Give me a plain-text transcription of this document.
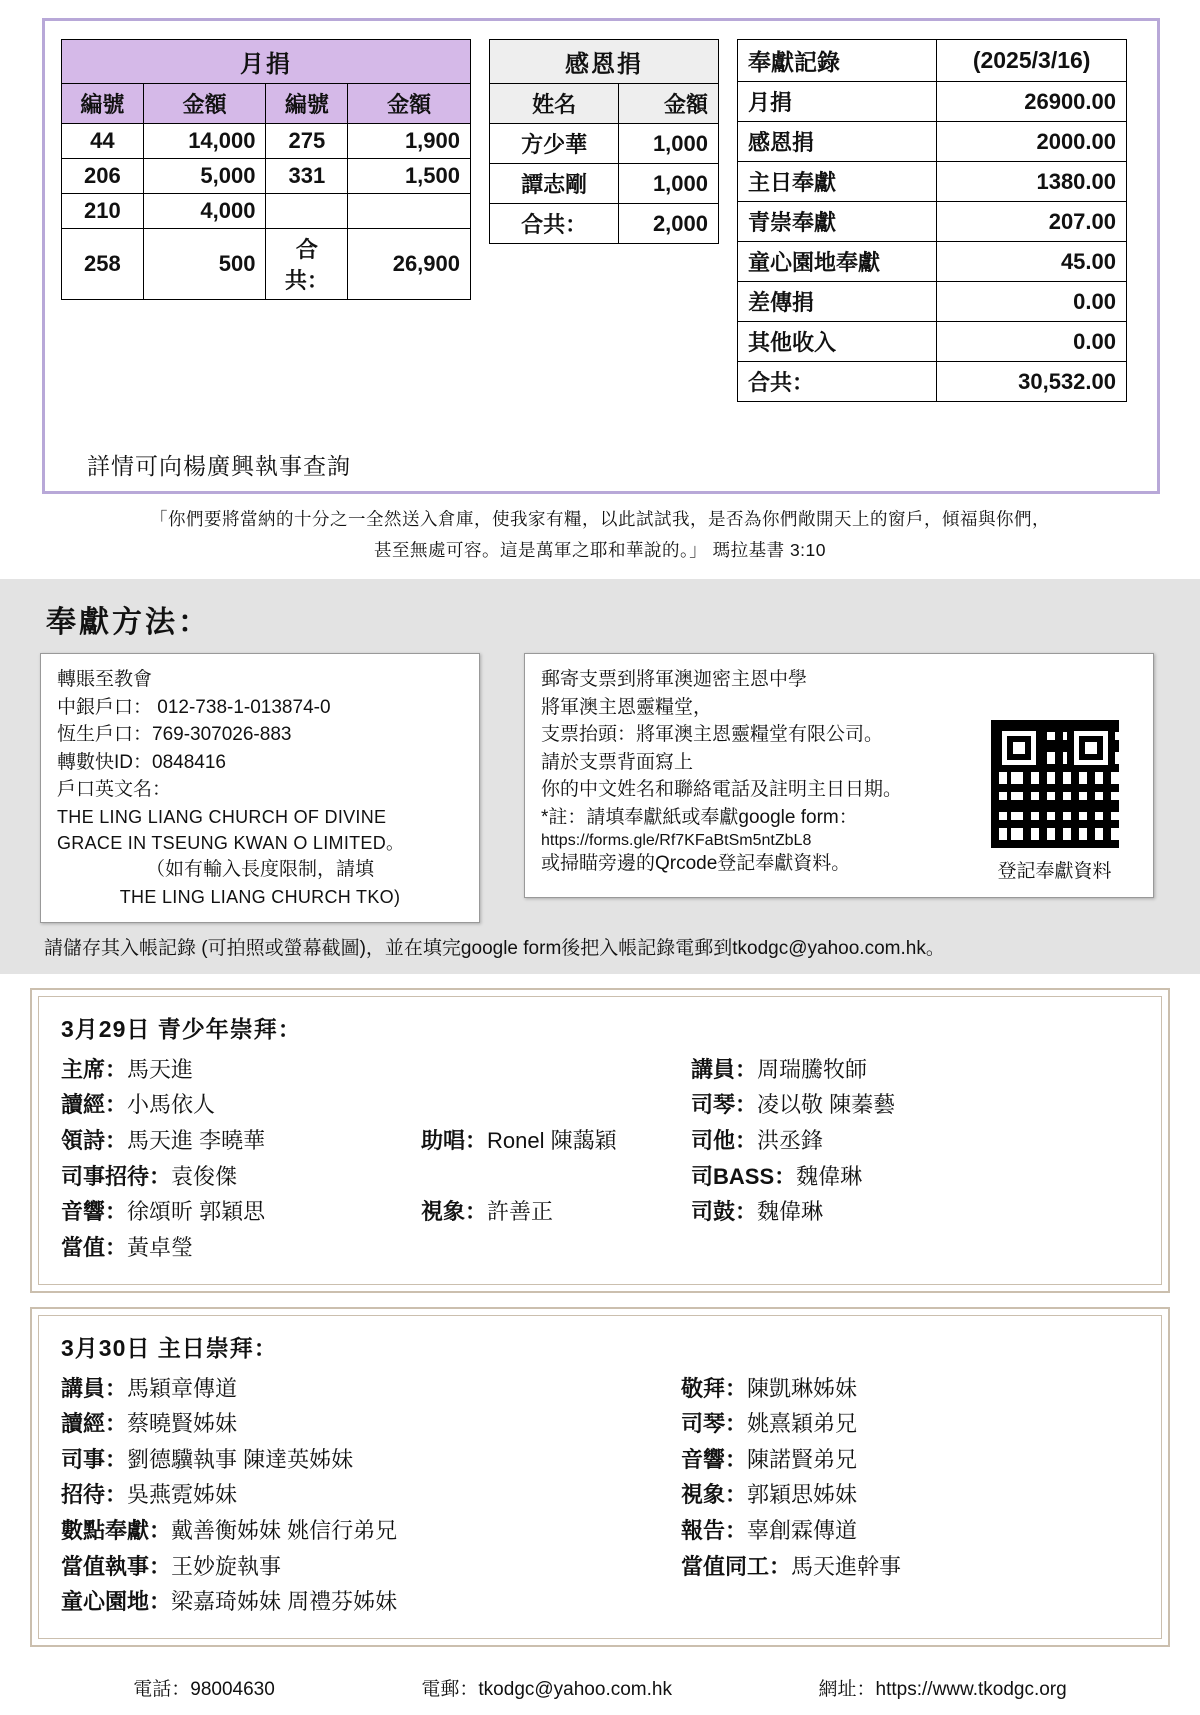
月捐			
編號	金額	編號	金額
44	14,000	275	1,900
206	5,000	331	1,500
210	4,000		
258	500	合共：	26,900
感恩捐	
姓名	金額
方少華	1,000
譚志剛	1,000
合共：	2,000
奉獻記錄	(2025/3/16)
月捐	26900.00
感恩捐	2000.00
主日奉獻	1380.00
青崇奉獻	207.00
童心園地奉獻	45.00
差傳捐	0.00
其他收入	0.00
合共：	30,532.00
詳情可向楊廣興執事查詢
「你們要將當納的十分之一全然送入倉庫，使我家有糧，以此試試我，是否為你們敞開天上的窗戶，傾福與你們，
甚至無處可容。這是萬軍之耶和華說的。」 瑪拉基書 3:10
奉獻方法：
轉賬至教會
中銀戶口： 012-738-1-013874-0
恆生戶口：769-307026-883
轉數快ID：0848416
戶口英文名：
THE LING LIANG CHURCH OF DIVINE
GRACE IN TSEUNG KWAN O LIMITED。
（如有輸入長度限制，請填
THE LING LIANG CHURCH TKO)
郵寄支票到將軍澳迦密主恩中學
將軍澳主恩靈糧堂，
支票抬頭：將軍澳主恩靈糧堂有限公司。
請於支票背面寫上
你的中文姓名和聯絡電話及註明主日日期。
*註：請填奉獻紙或奉獻google form：
https://forms.gle/Rf7KFaBtSm5ntZbL8
或掃瞄旁邊的Qrcode登記奉獻資料。	登記奉獻資料
請儲存其入帳記錄 (可拍照或螢幕截圖)，並在填完google form後把入帳記錄電郵到tkodgc@yahoo.com.hk。
3月29日 青少年崇拜：
主席：馬天進	講員：周瑞騰牧師
讀經：小馬依人	司琴：凌以敬 陳蓁藝
領詩：馬天進 李曉華	助唱：Ronel 陳藹穎	司他：洪丞鋒
司事招待：袁俊傑	司BASS：魏偉琳
音響：徐頌昕 郭穎思	視象：許善正	司鼓：魏偉琳
當值：黃卓瑩
3月30日 主日崇拜：
講員：馬穎章傳道	敬拜：陳凱琳姊妹
讀經：蔡曉賢姊妹	司琴：姚熹穎弟兄
司事：劉德驥執事 陳達英姊妹	音響：陳諾賢弟兄
招待：吳燕霓姊妹	視象：郭穎思姊妹
數點奉獻：戴善衡姊妹 姚信行弟兄	報告：辜創霖傳道
當值執事：王妙旋執事	當值同工：馬天進幹事
童心園地：梁嘉琦姊妹 周禮芬姊妹
電話：98004630	電郵：tkodgc@yahoo.com.hk	網址：https://www.tkodgc.org
